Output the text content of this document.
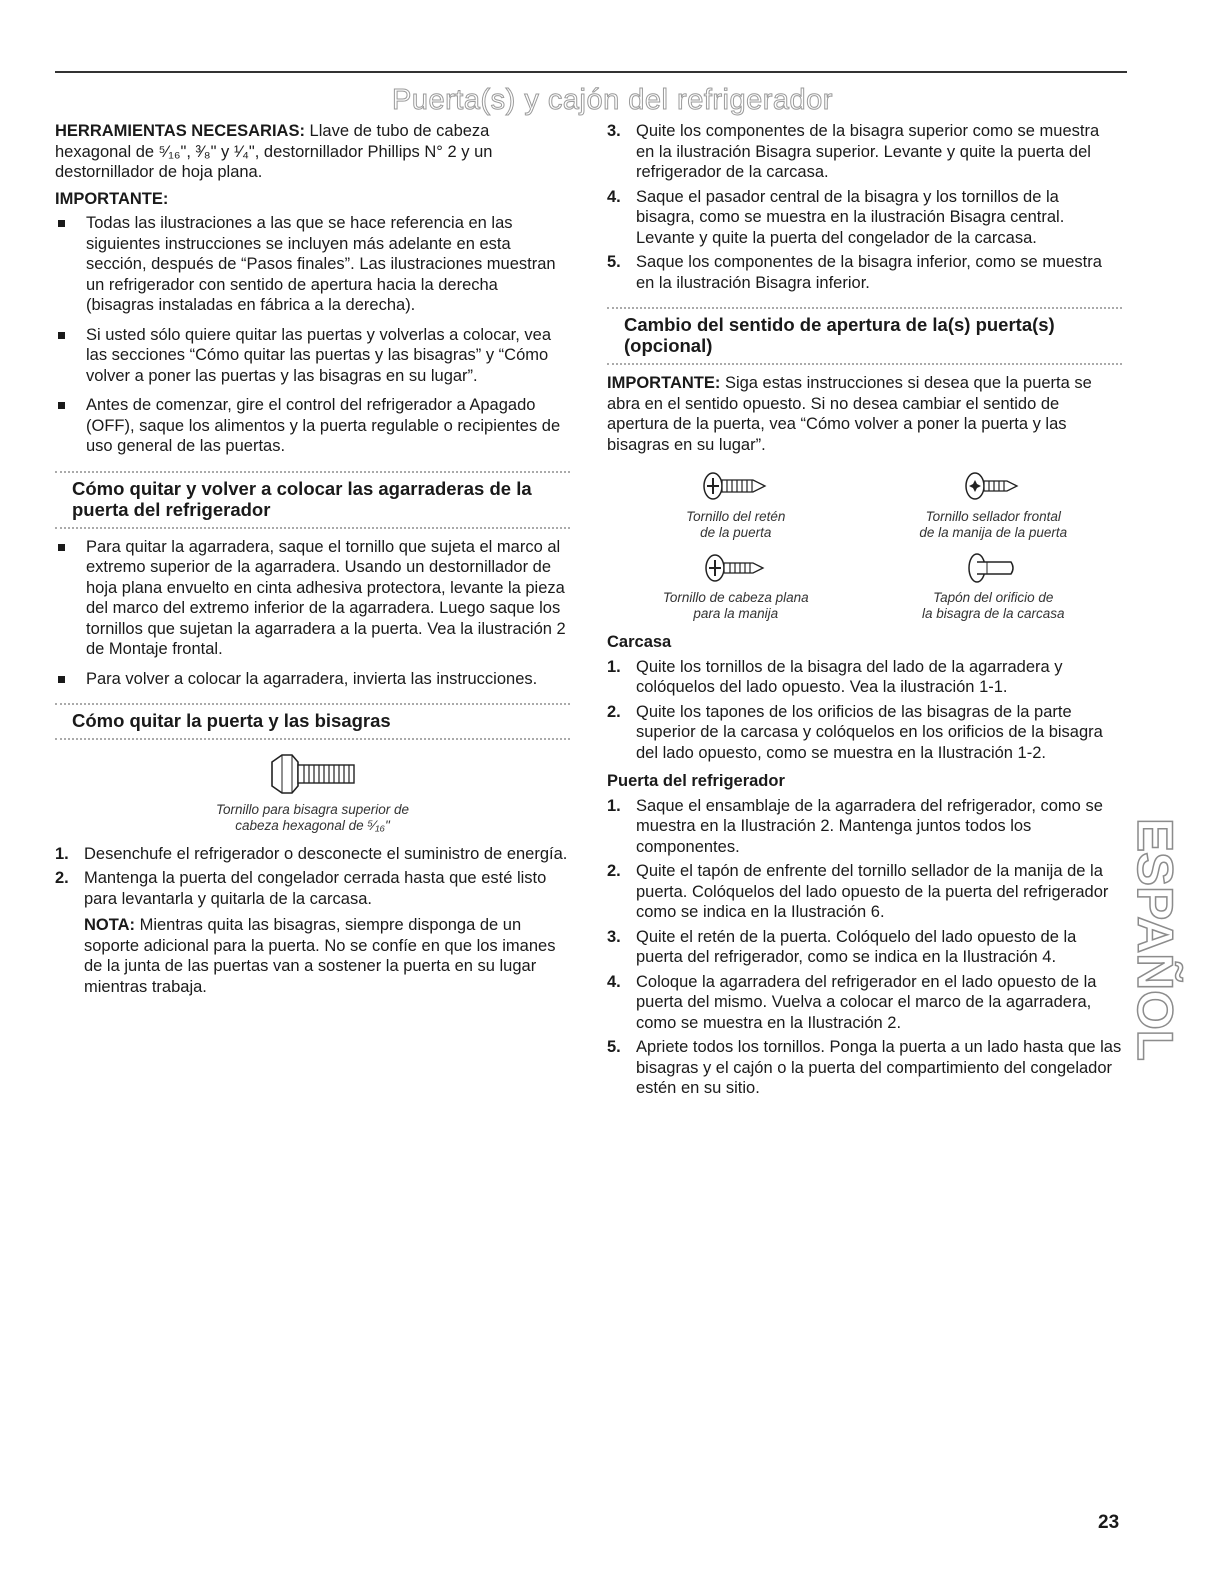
Puerta(s) y cajón del refrigerador

HERRAMIENTAS NECESARIAS: Llave de tubo de cabeza hexagonal de ⁵⁄₁₆", ³⁄₈" y ¹⁄₄", destornillador Phillips N° 2 y un destornillador de hoja plana.

IMPORTANTE:

Todas las ilustraciones a las que se hace referencia en las siguientes instrucciones se incluyen más adelante en esta sección, después de “Pasos finales”. Las ilustraciones muestran un refrigerador con sentido de apertura hacia la derecha (bisagras instaladas en fábrica a la derecha).
Si usted sólo quiere quitar las puertas y volverlas a colocar, vea las secciones “Cómo quitar las puertas y las bisagras” y “Cómo volver a poner las puertas y las bisagras en su lugar”.
Antes de comenzar, gire el control del refrigerador a Apagado (OFF), saque los alimentos y la puerta regulable o recipientes de uso general de las puertas.
Cómo quitar y volver a colocar las agarraderas de la puerta del refrigerador
Para quitar la agarradera, saque el tornillo que sujeta el marco al extremo superior de la agarradera. Usando un destornillador de hoja plana envuelto en cinta adhesiva protectora, levante la pieza del marco del extremo inferior de la agarradera. Luego saque los tornillos que sujetan la agarradera a la puerta. Vea la ilustración 2 de Montaje frontal.
Para volver a colocar la agarradera, invierta las instrucciones.
Cómo quitar la puerta y las bisagras
Tornillo para bisagra superior de
cabeza hexagonal de ⁵⁄₁₆"
1. Desenchufe el refrigerador o desconecte el suministro de energía.
2. Mantenga la puerta del congelador cerrada hasta que esté listo para levantarla y quitarla de la carcasa.

NOTA: Mientras quita las bisagras, siempre disponga de un soporte adicional para la puerta. No se confíe en que los imanes de la junta de las puertas van a sostener la puerta en su lugar mientras trabaja.

3. Quite los componentes de la bisagra superior como se muestra en la ilustración Bisagra superior. Levante y quite la puerta del refrigerador de la carcasa.
4. Saque el pasador central de la bisagra y los tornillos de la bisagra, como se muestra en la ilustración Bisagra central. Levante y quite la puerta del congelador de la carcasa.
5. Saque los componentes de la bisagra inferior, como se muestra en la ilustración Bisagra inferior.
Cambio del sentido de apertura de la(s) puerta(s) (opcional)

IMPORTANTE: Siga estas instrucciones si desea que la puerta se abra en el sentido opuesto. Si no desea cambiar el sentido de apertura de la puerta, vea “Cómo volver a poner la puerta y las bisagras en su lugar”.

Tornillo del retén
de la puerta
Tornillo sellador frontal
de la manija de la puerta
Tornillo de cabeza plana
para la manija
Tapón del orificio de
la bisagra de la carcasa

Carcasa

1. Quite los tornillos de la bisagra del lado de la agarradera y colóquelos del lado opuesto. Vea la ilustración 1-1.
2. Quite los tapones de los orificios de las bisagras de la parte superior de la carcasa y colóquelos en los orificios de la bisagra del lado opuesto, como se muestra en la Ilustración 1-2.

Puerta del refrigerador

1. Saque el ensamblaje de la agarradera del refrigerador, como se muestra en la Ilustración 2. Mantenga juntos todos los componentes.
2. Quite el tapón de enfrente del tornillo sellador de la manija de la puerta. Colóquelos del lado opuesto de la puerta del refrigerador como se indica en la Ilustración 6.
3. Quite el retén de la puerta. Colóquelo del lado opuesto de la puerta del refrigerador, como se indica en la Ilustración 4.
4. Coloque la agarradera del refrigerador en el lado opuesto de la puerta del mismo. Vuelva a colocar el marco de la agarradera, como se muestra en la Ilustración 2.
5. Apriete todos los tornillos. Ponga la puerta a un lado hasta que las bisagras y el cajón o la puerta del compartimiento del congelador estén en su sitio.
ESPAÑOL
23
